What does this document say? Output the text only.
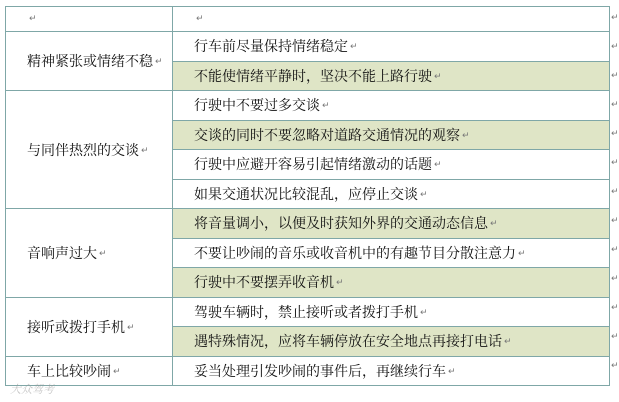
↵	↵
精神紧张或情绪不稳 ↵	行车前尽量保持情绪稳定 ↵
	不能使情绪平静时，坚决不能上路行驶 ↵
与同伴热烈的交谈 ↵	行驶中不要过多交谈 ↵
	交谈的同时不要忽略对道路交通情况的观察 ↵
	行驶中应避开容易引起情绪激动的话题 ↵
	如果交通状况比较混乱，应停止交谈 ↵
音响声过大 ↵	将音量调小，以便及时获知外界的交通动态信息 ↵
	不要让吵闹的音乐或收音机中的有趣节目分散注意力 ↵
	行驶中不要摆弄收音机 ↵
接听或拨打手机 ↵	驾驶车辆时，禁止接听或者拨打手机 ↵
	遇特殊情况，应将车辆停放在安全地点再接打电话 ↵
车上比较吵闹 ↵	妥当处理引发吵闹的事件后，再继续行车 ↵
↵
↵
↵
↵
↵
↵
↵
↵
↵
↵
↵
↵
↵
大众驾考
